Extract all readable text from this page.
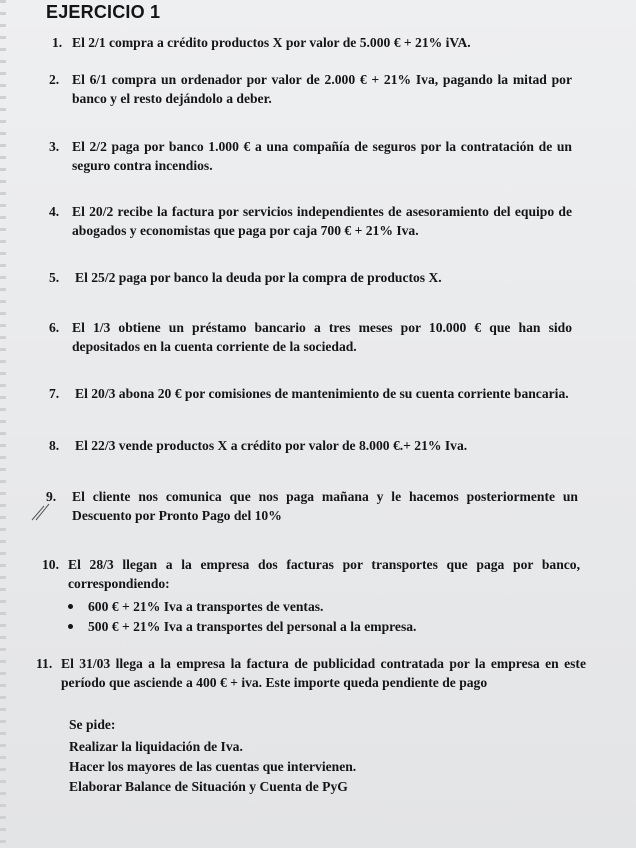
EJERCICIO 1
1. El 2/1 compra a crédito productos X por valor de 5.000 € + 21% iVA.
2. El 6/1 compra un ordenador por valor de 2.000 € + 21% Iva, pagando la mitad por
banco y el resto dejándolo a deber.
3. El 2/2 paga por banco 1.000 € a una compañía de seguros por la contratación de un
seguro contra incendios.
4. El 20/2 recibe la factura por servicios independientes de asesoramiento del equipo de
abogados y economistas que paga por caja 700 € + 21% Iva.
5. El 25/2 paga por banco la deuda por la compra de productos X.
6. El 1/3 obtiene un préstamo bancario a tres meses por 10.000 € que han sido
depositados en la cuenta corriente de la sociedad.
7. El 20/3 abona 20 € por comisiones de mantenimiento de su cuenta corriente bancaria.
8. El 22/3 vende productos X a crédito por valor de 8.000 €.+ 21% Iva.
9. El cliente nos comunica que nos paga mañana y le hacemos posteriormente un
Descuento por Pronto Pago del 10%
10. El 28/3 llegan a la empresa dos facturas por transportes que paga por banco,
correspondiendo:
600 € + 21% Iva a transportes de ventas.
500 € + 21% Iva a transportes del personal a la empresa.
11. El 31/03 llega a la empresa la factura de publicidad contratada por la empresa en este
período que asciende a 400 € + iva. Este importe queda pendiente de pago
Se pide:
Realizar la liquidación de Iva.
Hacer los mayores de las cuentas que intervienen.
Elaborar Balance de Situación y Cuenta de PyG
